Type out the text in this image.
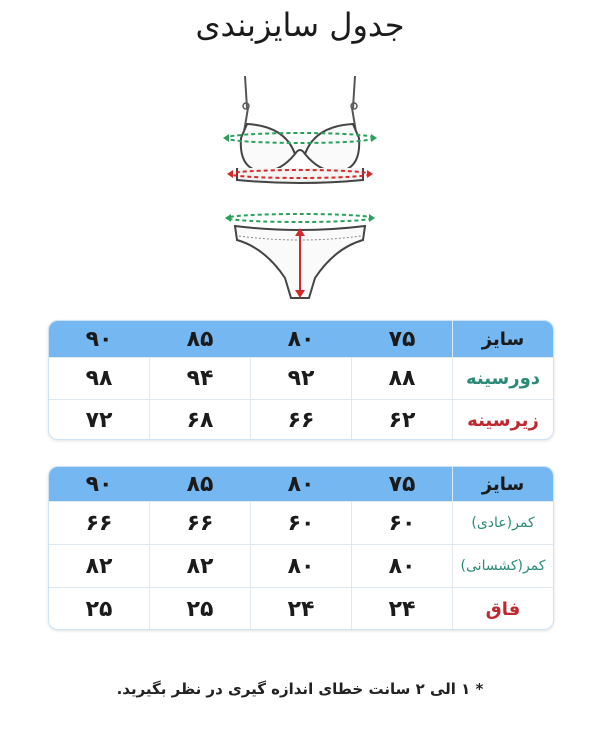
جدول سایزبندی
سایز
۷۵
۸۰
۸۵
۹۰
دورسینه
۸۸
۹۲
۹۴
۹۸
زیرسینه
۶۲
۶۶
۶۸
۷۲
سایز
۷۵
۸۰
۸۵
۹۰
کمر(عادی)
۶۰
۶۰
۶۶
۶۶
کمر(کشسانی)
۸۰
۸۰
۸۲
۸۲
فاق
۲۴
۲۴
۲۵
۲۵
* ۱ الی ۲ سانت خطای اندازه گیری در نظر بگیرید.
